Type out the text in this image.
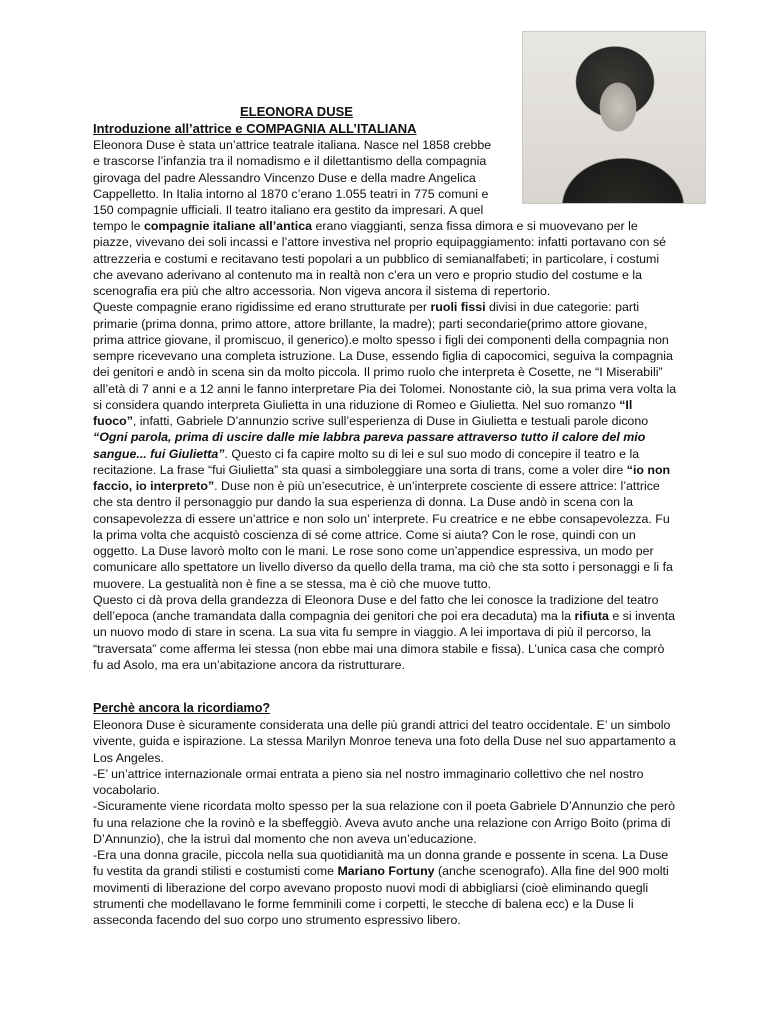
ELEONORA DUSE
Introduzione all’attrice e COMPAGNIA ALL’ITALIANA
Eleonora Duse è stata un’attrice teatrale italiana. Nasce nel 1858 crebbe
e trascorse l’infanzia tra il nomadismo e il dilettantismo della compagnia
girovaga del padre Alessandro Vincenzo Duse e della madre Angelica
Cappelletto. In Italia intorno al 1870 c’erano 1.055 teatri in 775 comuni e
150 compagnie ufficiali. Il teatro italiano era gestito da impresari. A quel

tempo le compagnie italiane all’antica erano viaggianti, senza fissa dimora e si muovevano per le piazze, vivevano dei soli incassi e l’attore investiva nel proprio equipaggiamento: infatti portavano con sé attrezzeria e costumi e recitavano testi popolari a un pubblico di semianalfabeti; in particolare, i costumi che avevano aderivano al contenuto ma in realtà non c’era un vero e proprio studio del costume e la scenografia era più che altro accessoria. Non vigeva ancora il sistema di repertorio.

Queste compagnie erano rigidissime ed erano strutturate per ruoli fissi divisi in due categorie: parti primarie (prima donna, primo attore, attore brillante, la madre); parti secondarie(primo attore giovane, prima attrice giovane, il promiscuo, il generico).e molto spesso i figli dei componenti della compagnia non sempre ricevevano una completa istruzione. La Duse, essendo figlia di capocomici, seguiva la compagnia dei genitori e andò in scena sin da molto piccola. Il primo ruolo che interpreta è Cosette, ne “I Miserabili” all’età di 7 anni e a 12 anni le fanno interpretare Pia dei Tolomei. Nonostante ciò, la sua prima vera volta la si considera quando interpreta Giulietta in una riduzione di Romeo e Giulietta. Nel suo romanzo “Il fuoco”, infatti, Gabriele D’annunzio scrive sull’esperienza di Duse in Giulietta e testuali parole dicono “Ogni parola, prima di uscire dalle mie labbra pareva passare attraverso tutto il calore del mio sangue... fui Giulietta”. Questo ci fa capire molto su di lei e sul suo modo di concepire il teatro e la recitazione. La frase “fui Giulietta” sta quasi a simboleggiare una sorta di trans, come a voler dire “io non faccio, io interpreto”. Duse non è più un’esecutrice, è un’interprete cosciente di essere attrice: l’attrice che sta dentro il personaggio pur dando la sua esperienza di donna. La Duse andò in scena con la consapevolezza di essere un’attrice e non solo un’ interprete. Fu creatrice e ne ebbe consapevolezza. Fu la prima volta che acquistò coscienza di sé come attrice. Come si aiuta? Con le rose, quindi con un oggetto. La Duse lavorò molto con le mani. Le rose sono come un’appendice espressiva, un modo per comunicare allo spettatore un livello diverso da quello della trama, ma ciò che sta sotto i personaggi e li fa muovere. La gestualità non è fine a se stessa, ma è ciò che muove tutto.

Questo ci dà prova della grandezza di Eleonora Duse e del fatto che lei conosce la tradizione del teatro dell’epoca (anche tramandata dalla compagnia dei genitori che poi era decaduta) ma la rifiuta e si inventa un nuovo modo di stare in scena. La sua vita fu sempre in viaggio. A lei importava di più il percorso, la “traversata” come afferma lei stessa (non ebbe mai una dimora stabile e fissa). L’unica casa che comprò fu ad Asolo, ma era un’abitazione ancora da ristrutturare.

Perchè ancora la ricordiamo?

Eleonora Duse è sicuramente considerata una delle più grandi attrici del teatro occidentale. E’ un simbolo vivente, guida e ispirazione. La stessa Marilyn Monroe teneva una foto della Duse nel suo appartamento a Los Angeles.

-E’ un’attrice internazionale ormai entrata a pieno sia nel nostro immaginario collettivo che nel nostro vocabolario.

-Sicuramente viene ricordata molto spesso per la sua relazione con il poeta Gabriele D’Annunzio che però fu una relazione che la rovinò e la sbeffeggiò. Aveva avuto anche una relazione con Arrigo Boito (prima di D’Annunzio), che la istruì dal momento che non aveva un’educazione.

-Era una donna gracile, piccola nella sua quotidianità ma un donna grande e possente in scena. La Duse fu vestita da grandi stilisti e costumisti come Mariano Fortuny (anche scenografo). Alla fine del 900 molti movimenti di liberazione del corpo avevano proposto nuovi modi di abbigliarsi (cioè eliminando quegli strumenti che modellavano le forme femminili come i corpetti, le stecche di balena ecc) e la Duse li asseconda facendo del suo corpo uno strumento espressivo libero.
